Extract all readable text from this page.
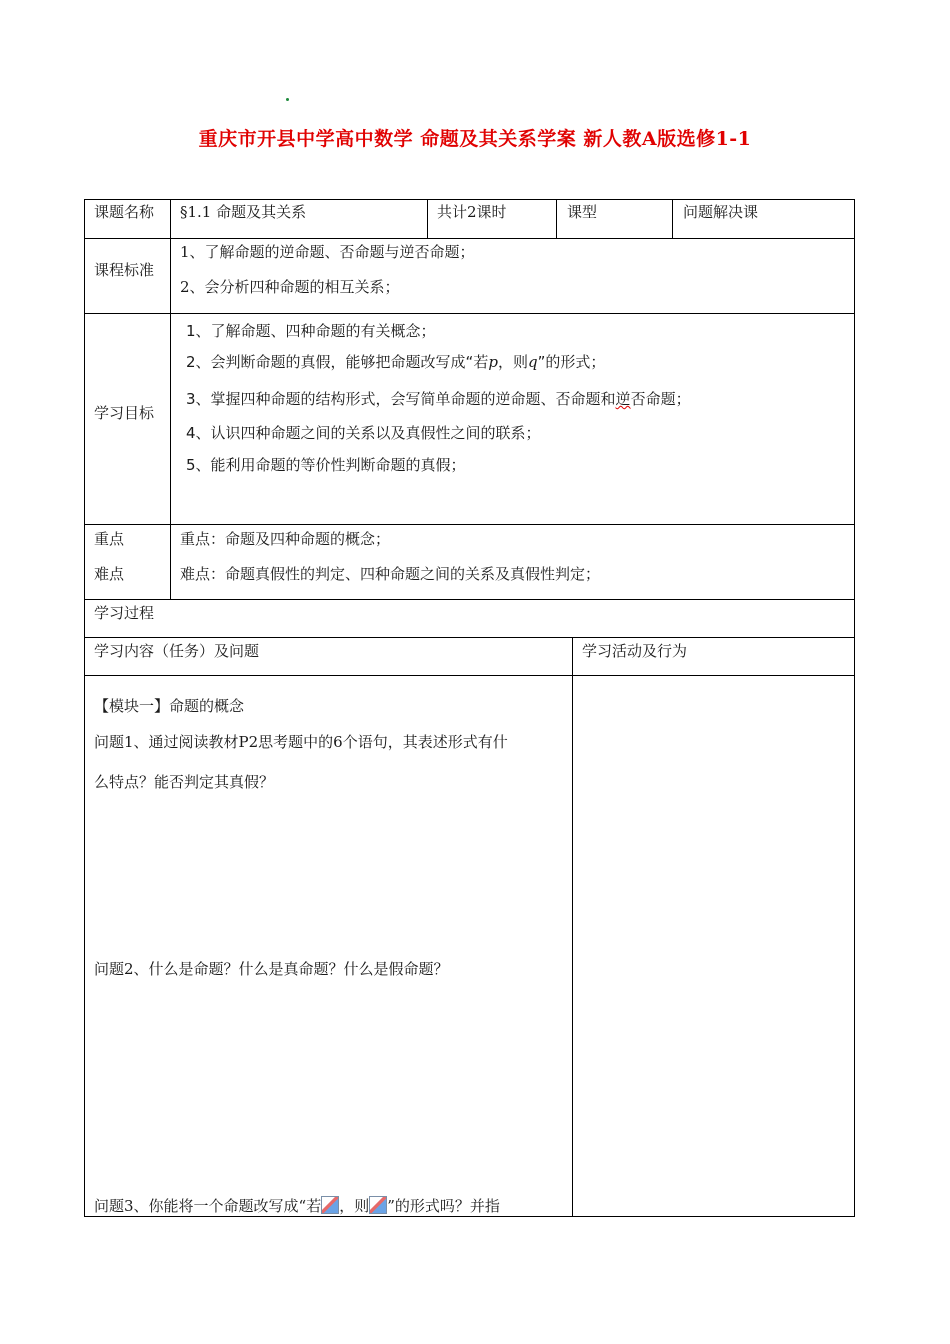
重庆市开县中学高中数学 命题及其关系学案 新人教A版选修1-1
课题名称 §1.1 命题及其关系	共计2课时	课型	问题解决课
课程标准
1、了解命题的逆命题、否命题与逆否命题；
2、会分析四种命题的相互关系；
学习目标
1、了解命题、四种命题的有关概念；
2、会判断命题的真假，能够把命题改写成“若p，则q”的形式；
3、掌握四种命题的结构形式，会写简单命题的逆命题、否命题和逆否命题；
4、认识四种命题之间的关系以及真假性之间的联系；
5、能利用命题的等价性判断命题的真假；
重点
难点
重点：命题及四种命题的概念；
难点：命题真假性的判定、四种命题之间的关系及真假性判定；
学习过程
学习内容（任务）及问题	学习活动及行为
【模块一】命题的概念
问题1、通过阅读教材P2思考题中的6个语句，其表述形式有什
么特点？能否判定其真假？
问题2、什么是命题？什么是真命题？什么是假命题？
问题3、你能将一个命题改写成“若 ，则 ”的形式吗？并指
